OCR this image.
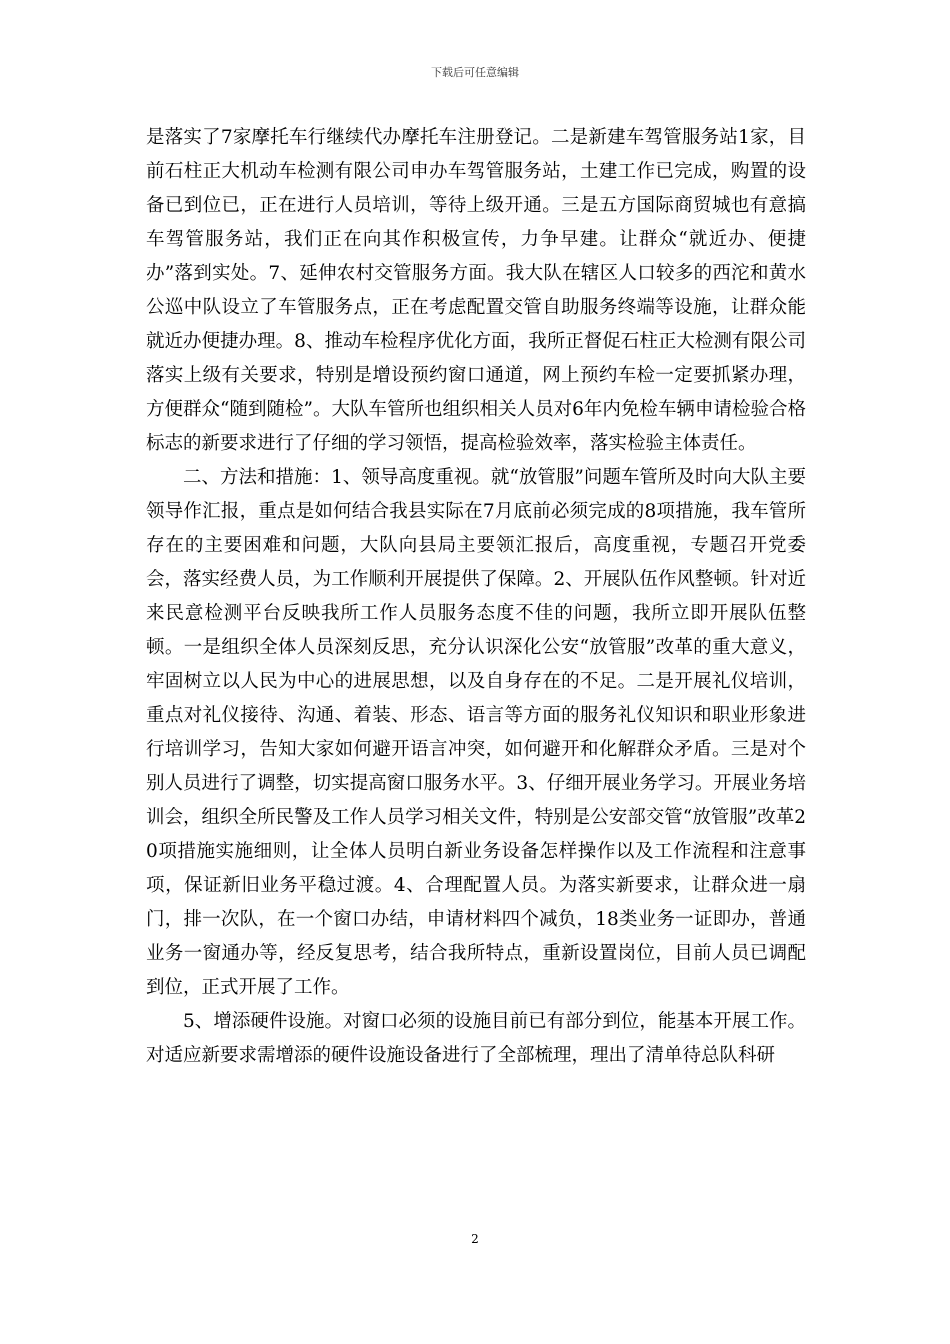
下载后可任意编辑

是落实了7家摩托车行继续代办摩托车注册登记。二是新建车驾管服务站1家，目前石柱正大机动车检测有限公司申办车驾管服务站，土建工作已完成，购置的设备已到位已，正在进行人员培训，等待上级开通。三是五方国际商贸城也有意搞车驾管服务站，我们正在向其作积极宣传，力争早建。让群众“就近办、便捷办”落到实处。7、延伸农村交管服务方面。我大队在辖区人口较多的西沱和黄水公巡中队设立了车管服务点，正在考虑配置交管自助服务终端等设施，让群众能就近办便捷办理。8、推动车检程序优化方面，我所正督促石柱正大检测有限公司落实上级有关要求，特别是增设预约窗口通道，网上预约车检一定要抓紧办理，方便群众“随到随检”。大队车管所也组织相关人员对6年内免检车辆申请检验合格标志的新要求进行了仔细的学习领悟，提高检验效率，落实检验主体责任。

二、方法和措施：1、领导高度重视。就“放管服”问题车管所及时向大队主要领导作汇报，重点是如何结合我县实际在7月底前必须完成的8项措施，我车管所存在的主要困难和问题，大队向县局主要领汇报后，高度重视，专题召开党委会，落实经费人员，为工作顺利开展提供了保障。2、开展队伍作风整顿。针对近来民意检测平台反映我所工作人员服务态度不佳的问题，我所立即开展队伍整顿。一是组织全体人员深刻反思，充分认识深化公安“放管服”改革的重大意义，牢固树立以人民为中心的进展思想，以及自身存在的不足。二是开展礼仪培训，重点对礼仪接待、沟通、着装、形态、语言等方面的服务礼仪知识和职业形象进行培训学习，告知大家如何避开语言冲突，如何避开和化解群众矛盾。三是对个别人员进行了调整，切实提高窗口服务水平。3、仔细开展业务学习。开展业务培训会，组织全所民警及工作人员学习相关文件，特别是公安部交管“放管服”改革20项措施实施细则，让全体人员明白新业务设备怎样操作以及工作流程和注意事项，保证新旧业务平稳过渡。4、合理配置人员。为落实新要求，让群众进一扇门，排一次队，在一个窗口办结，申请材料四个减负，18类业务一证即办，普通业务一窗通办等，经反复思考，结合我所特点，重新设置岗位，目前人员已调配到位，正式开展了工作。

5、增添硬件设施。对窗口必须的设施目前已有部分到位，能基本开展工作。对适应新要求需增添的硬件设施设备进行了全部梳理，理出了清单待总队科研

2
